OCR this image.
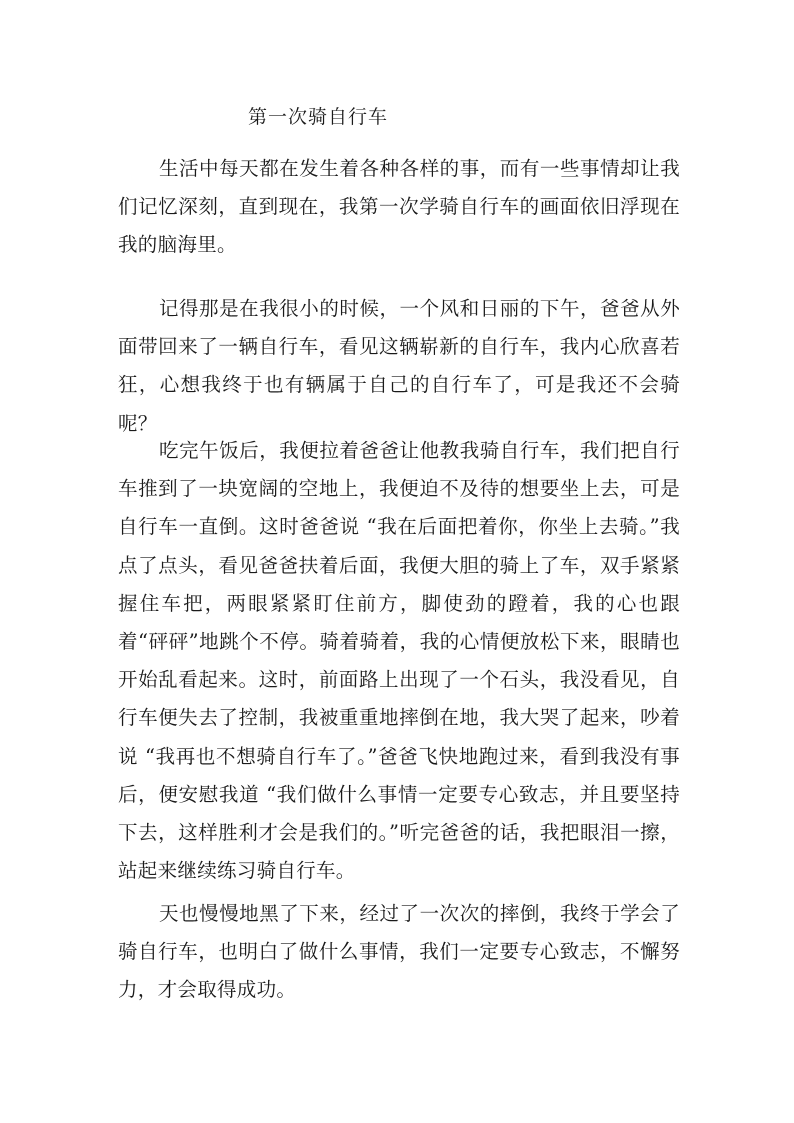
第一次骑自行车

生活中每天都在发生着各种各样的事，而有一些事情却让我们记忆深刻，直到现在，我第一次学骑自行车的画面依旧浮现在我的脑海里。

记得那是在我很小的时候，一个风和日丽的下午，爸爸从外面带回来了一辆自行车，看见这辆崭新的自行车，我内心欣喜若狂，心想我终于也有辆属于自己的自行车了，可是我还不会骑呢？

吃完午饭后，我便拉着爸爸让他教我骑自行车，我们把自行车推到了一块宽阔的空地上，我便迫不及待的想要坐上去，可是自行车一直倒。这时爸爸说 “我在后面把着你，你坐上去骑。”我点了点头，看见爸爸扶着后面，我便大胆的骑上了车，双手紧紧握住车把，两眼紧紧盯住前方，脚使劲的蹬着，我的心也跟着“砰砰”地跳个不停。骑着骑着，我的心情便放松下来，眼睛也开始乱看起来。这时，前面路上出现了一个石头，我没看见，自行车便失去了控制，我被重重地摔倒在地，我大哭了起来，吵着说 “我再也不想骑自行车了。”爸爸飞快地跑过来，看到我没有事后，便安慰我道 “我们做什么事情一定要专心致志，并且要坚持下去，这样胜利才会是我们的。”听完爸爸的话，我把眼泪一擦，站起来继续练习骑自行车。

天也慢慢地黑了下来，经过了一次次的摔倒，我终于学会了骑自行车，也明白了做什么事情，我们一定要专心致志，不懈努力，才会取得成功。
